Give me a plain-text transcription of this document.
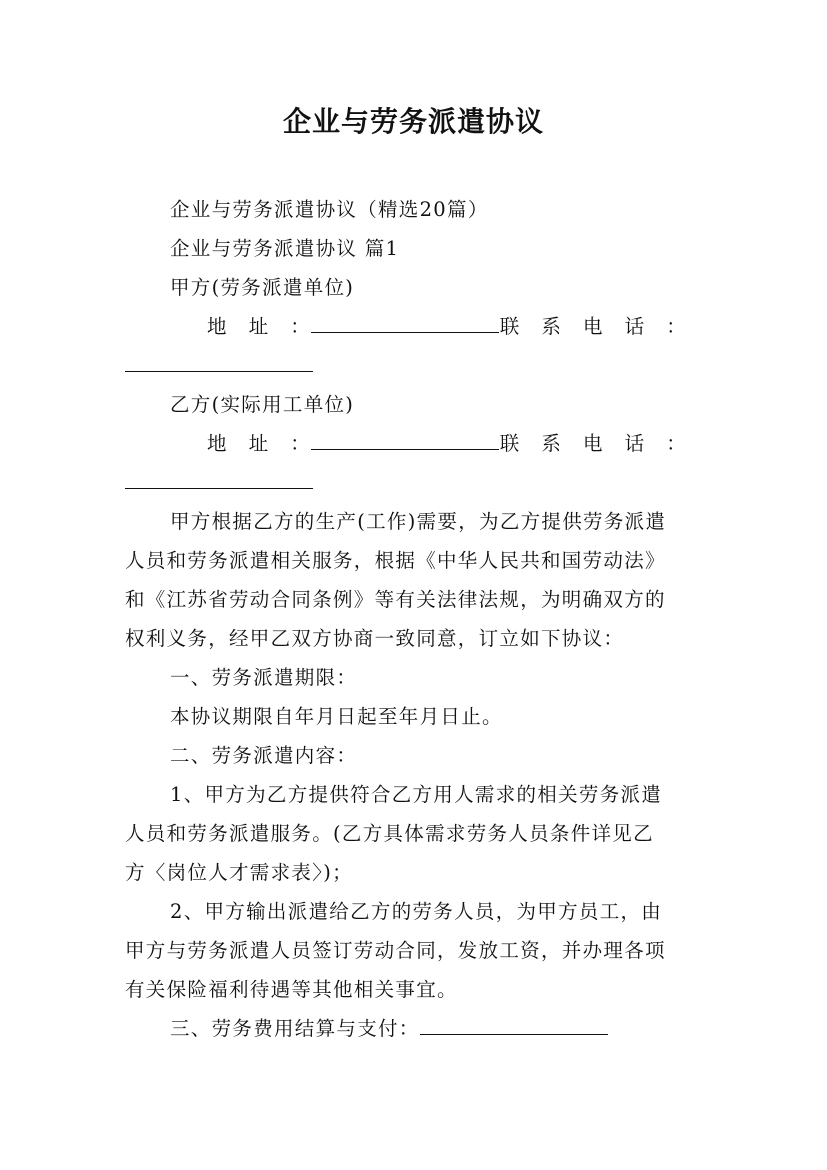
企业与劳务派遣协议
企业与劳务派遣协议（精选20篇）
企业与劳务派遣协议 篇1
甲方(劳务派遣单位)
地　址　：	联　系　电　话　：
乙方(实际用工单位)
地　址　：	联　系　电　话　：
甲方根据乙方的生产(工作)需要，为乙方提供劳务派遣
人员和劳务派遣相关服务，根据《中华人民共和国劳动法》
和《江苏省劳动合同条例》等有关法律法规，为明确双方的
权利义务，经甲乙双方协商一致同意，订立如下协议：
一、劳务派遣期限：
本协议期限自年月日起至年月日止。
二、劳务派遣内容：
1、甲方为乙方提供符合乙方用人需求的相关劳务派遣
人员和劳务派遣服务。(乙方具体需求劳务人员条件详见乙
方〈岗位人才需求表〉)；
2、甲方输出派遣给乙方的劳务人员，为甲方员工，由
甲方与劳务派遣人员签订劳动合同，发放工资，并办理各项
有关保险福利待遇等其他相关事宜。
三、劳务费用结算与支付：
